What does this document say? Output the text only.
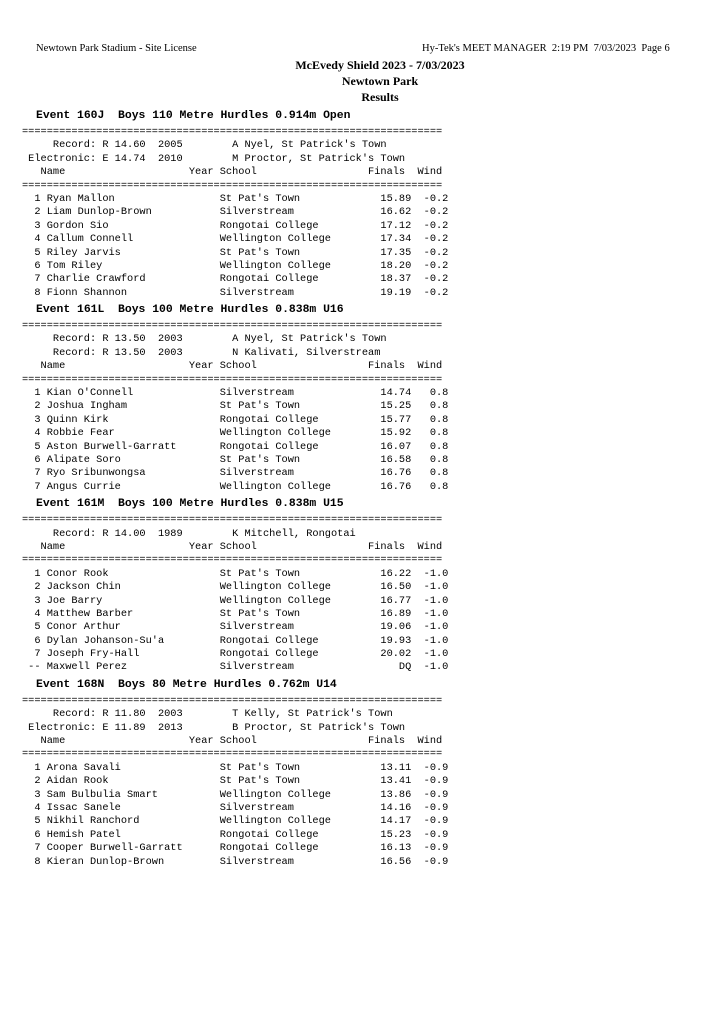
Newtown Park Stadium - Site License	Hy-Tek's MEET MANAGER  2:19 PM  7/03/2023  Page 6
McEvedy Shield 2023 - 7/03/2023
Newtown Park
Results
Event 160J  Boys 110 Metre Hurdles 0.914m Open
====================================================================
Record: R 14.60  2005        A Nyel, St Patrick's Town
Electronic: E 14.74  2010        M Proctor, St Patrick's Town
Name                    Year School                  Finals  Wind
====================================================================
1 Ryan Mallon                 St Pat's Town             15.89  -0.2
2 Liam Dunlop-Brown           Silverstream              16.62  -0.2
3 Gordon Sio                  Rongotai College          17.12  -0.2
4 Callum Connell              Wellington College        17.34  -0.2
5 Riley Jarvis                St Pat's Town             17.35  -0.2
6 Tom Riley                   Wellington College        18.20  -0.2
7 Charlie Crawford            Rongotai College          18.37  -0.2
8 Fionn Shannon               Silverstream              19.19  -0.2
Event 161L  Boys 100 Metre Hurdles 0.838m U16
====================================================================
Record: R 13.50  2003        A Nyel, St Patrick's Town
Record: R 13.50  2003        N Kalivati, Silverstream
Name                    Year School                  Finals  Wind
====================================================================
1 Kian O'Connell              Silverstream              14.74   0.8
2 Joshua Ingham               St Pat's Town             15.25   0.8
3 Quinn Kirk                  Rongotai College          15.77   0.8
4 Robbie Fear                 Wellington College        15.92   0.8
5 Aston Burwell-Garratt       Rongotai College          16.07   0.8
6 Alipate Soro                St Pat's Town             16.58   0.8
7 Ryo Sribunwongsa            Silverstream              16.76   0.8
7 Angus Currie                Wellington College        16.76   0.8
Event 161M  Boys 100 Metre Hurdles 0.838m U15
====================================================================
Record: R 14.00  1989        K Mitchell, Rongotai
Name                    Year School                  Finals  Wind
====================================================================
1 Conor Rook                  St Pat's Town             16.22  -1.0
2 Jackson Chin                Wellington College        16.50  -1.0
3 Joe Barry                   Wellington College        16.77  -1.0
4 Matthew Barber              St Pat's Town             16.89  -1.0
5 Conor Arthur                Silverstream              19.06  -1.0
6 Dylan Johanson-Su'a         Rongotai College          19.93  -1.0
7 Joseph Fry-Hall             Rongotai College          20.02  -1.0
-- Maxwell Perez               Silverstream                 DQ  -1.0
Event 168N  Boys 80 Metre Hurdles 0.762m U14
====================================================================
Record: R 11.80  2003        T Kelly, St Patrick's Town
Electronic: E 11.89  2013        B Proctor, St Patrick's Town
Name                    Year School                  Finals  Wind
====================================================================
1 Arona Savali                St Pat's Town             13.11  -0.9
2 Aidan Rook                  St Pat's Town             13.41  -0.9
3 Sam Bulbulia Smart          Wellington College        13.86  -0.9
4 Issac Sanele                Silverstream              14.16  -0.9
5 Nikhil Ranchord             Wellington College        14.17  -0.9
6 Hemish Patel                Rongotai College          15.23  -0.9
7 Cooper Burwell-Garratt      Rongotai College          16.13  -0.9
8 Kieran Dunlop-Brown         Silverstream              16.56  -0.9
